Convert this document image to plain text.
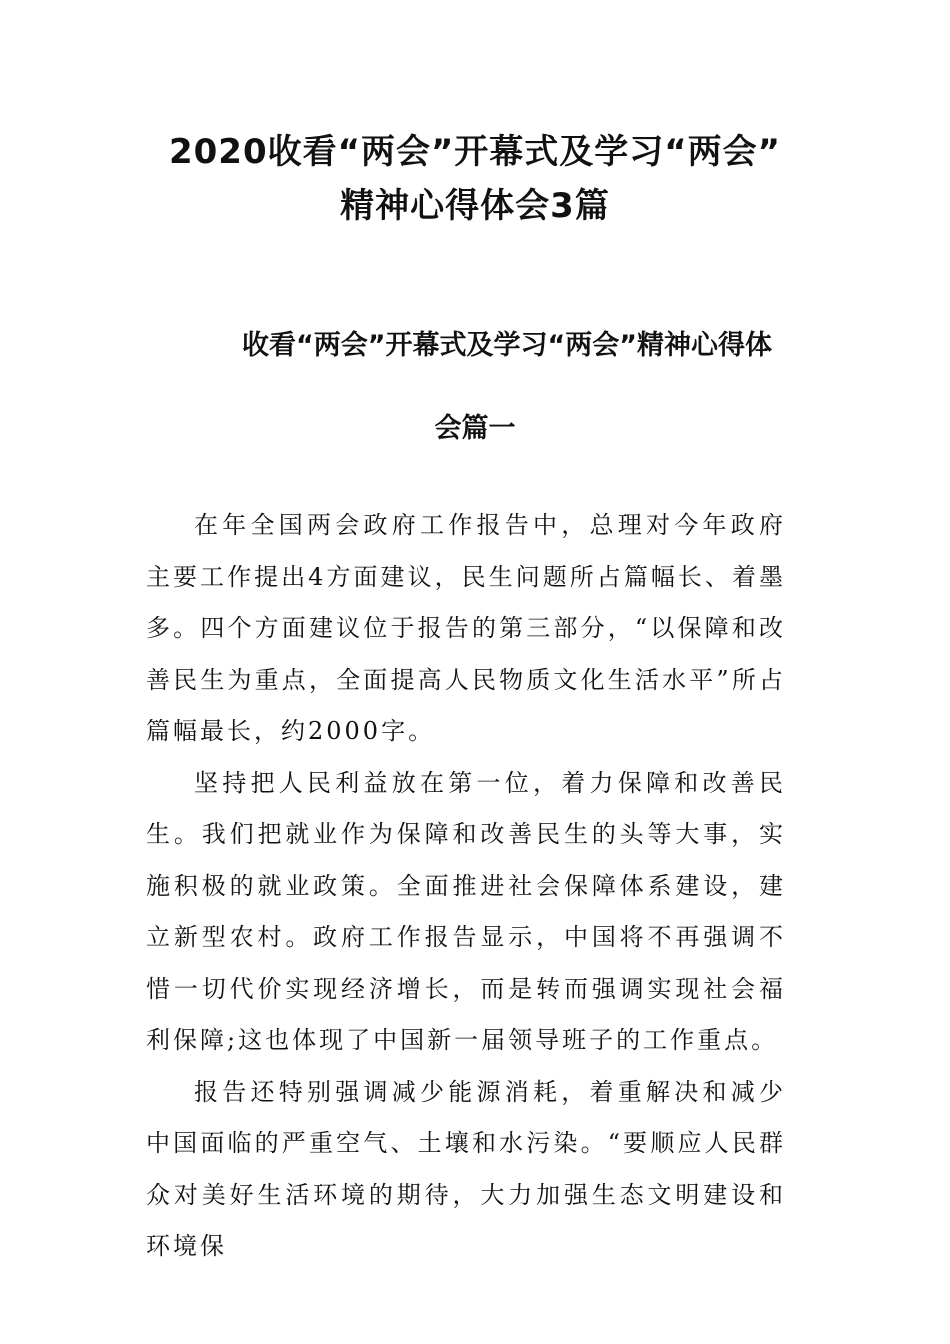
2020收看“两会”开幕式及学习“两会”
精神心得体会3篇
收看“两会”开幕式及学习“两会”精神心得体
会篇一

在年全国两会政府工作报告中，总理对今年政府主要工作提出4方面建议，民生问题所占篇幅长、着墨多。四个方面建议位于报告的第三部分，“以保障和改善民生为重点，全面提高人民物质文化生活水平”所占篇幅最长，约2000字。

坚持把人民利益放在第一位，着力保障和改善民生。我们把就业作为保障和改善民生的头等大事，实施积极的就业政策。全面推进社会保障体系建设，建立新型农村。政府工作报告显示，中国将不再强调不惜一切代价实现经济增长，而是转而强调实现社会福利保障;这也体现了中国新一届领导班子的工作重点。

报告还特别强调减少能源消耗，着重解决和减少中国面临的严重空气、土壤和水污染。“要顺应人民群众对美好生活环境的期待，大力加强生态文明建设和环境保
